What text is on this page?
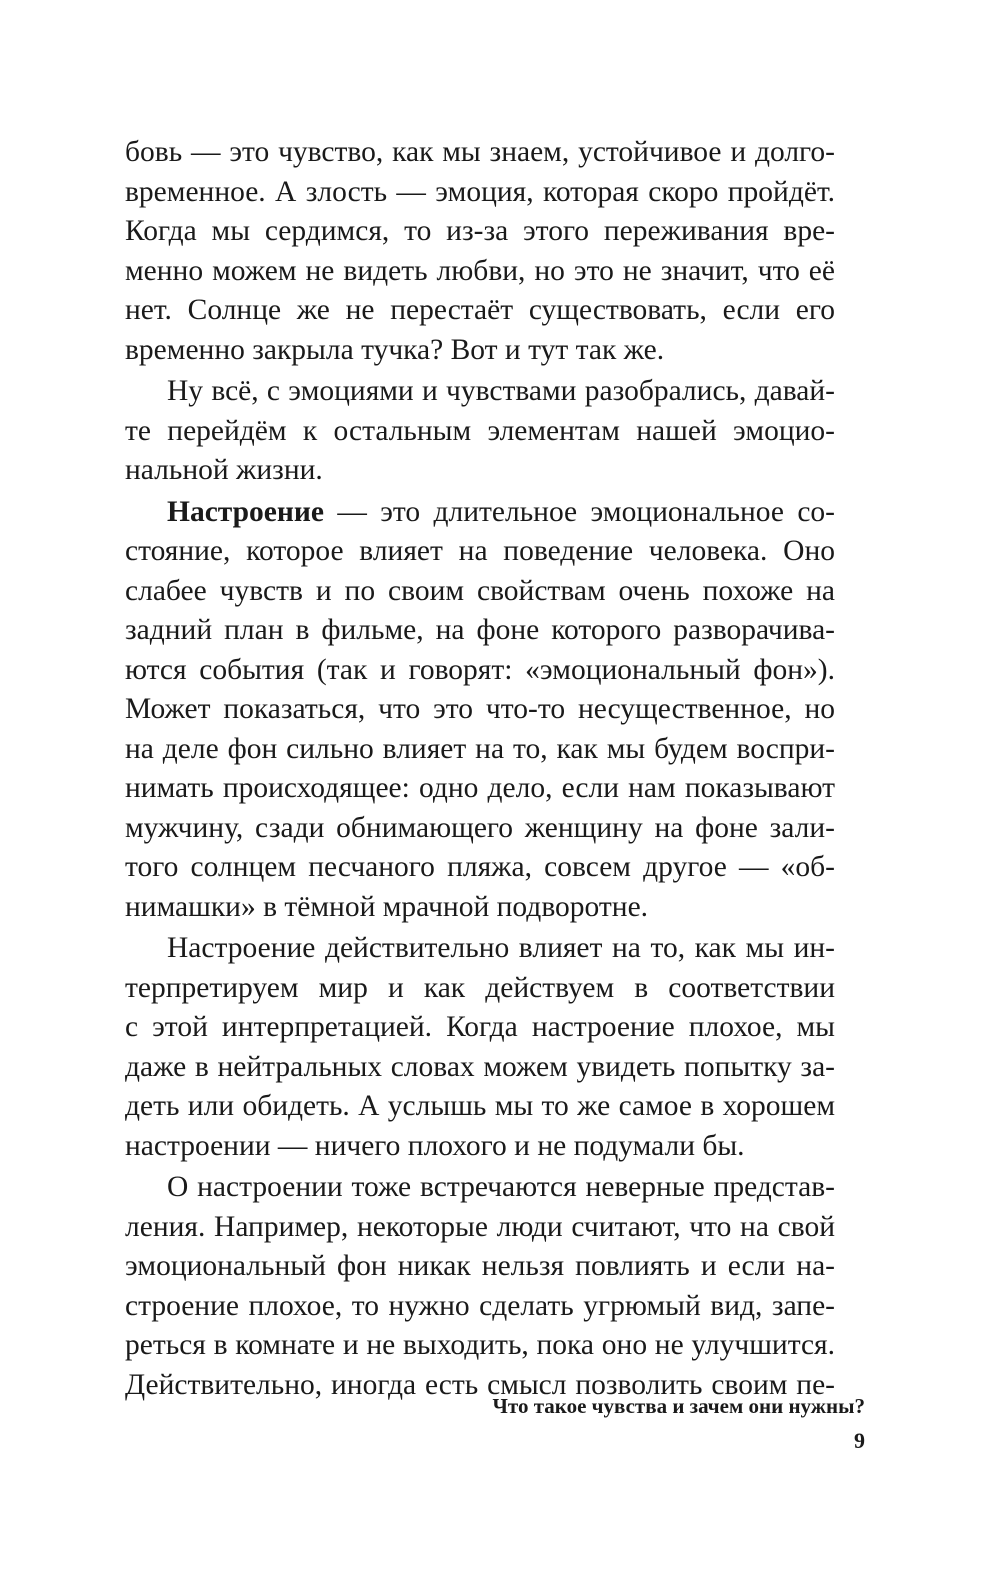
бовь — это чувство, как мы знаем, устойчивое и долго-
временное. А злость — эмоция, которая скоро пройдёт.
Когда мы сердимся, то из-за этого переживания вре-
менно можем не видеть любви, но это не значит, что её
нет. Солнце же не перестаёт существовать, если его
временно закрыла тучка? Вот и тут так же.
Ну всё, с эмоциями и чувствами разобрались, давай-
те перейдём к остальным элементам нашей эмоцио-
нальной жизни.
Настроение — это длительное эмоциональное со-
стояние, которое влияет на поведение человека. Оно
слабее чувств и по своим свойствам очень похоже на
задний план в фильме, на фоне которого разворачива-
ются события (так и говорят: «эмоциональный фон»).
Может показаться, что это что-то несущественное, но
на деле фон сильно влияет на то, как мы будем воспри-
нимать происходящее: одно дело, если нам показывают
мужчину, сзади обнимающего женщину на фоне зали-
того солнцем песчаного пляжа, совсем другое — «об-
нимашки» в тёмной мрачной подворотне.
Настроение действительно влияет на то, как мы ин-
терпретируем мир и как действуем в соответствии
с этой интерпретацией. Когда настроение плохое, мы
даже в нейтральных словах можем увидеть попытку за-
деть или обидеть. А услышь мы то же самое в хорошем
настроении — ничего плохого и не подумали бы.
О настроении тоже встречаются неверные представ-
ления. Например, некоторые люди считают, что на свой
эмоциональный фон никак нельзя повлиять и если на-
строение плохое, то нужно сделать угрюмый вид, запе-
реться в комнате и не выходить, пока оно не улучшится.
Действительно, иногда есть смысл позволить своим пе-
Что такое чувства и зачем они нужны?
9
